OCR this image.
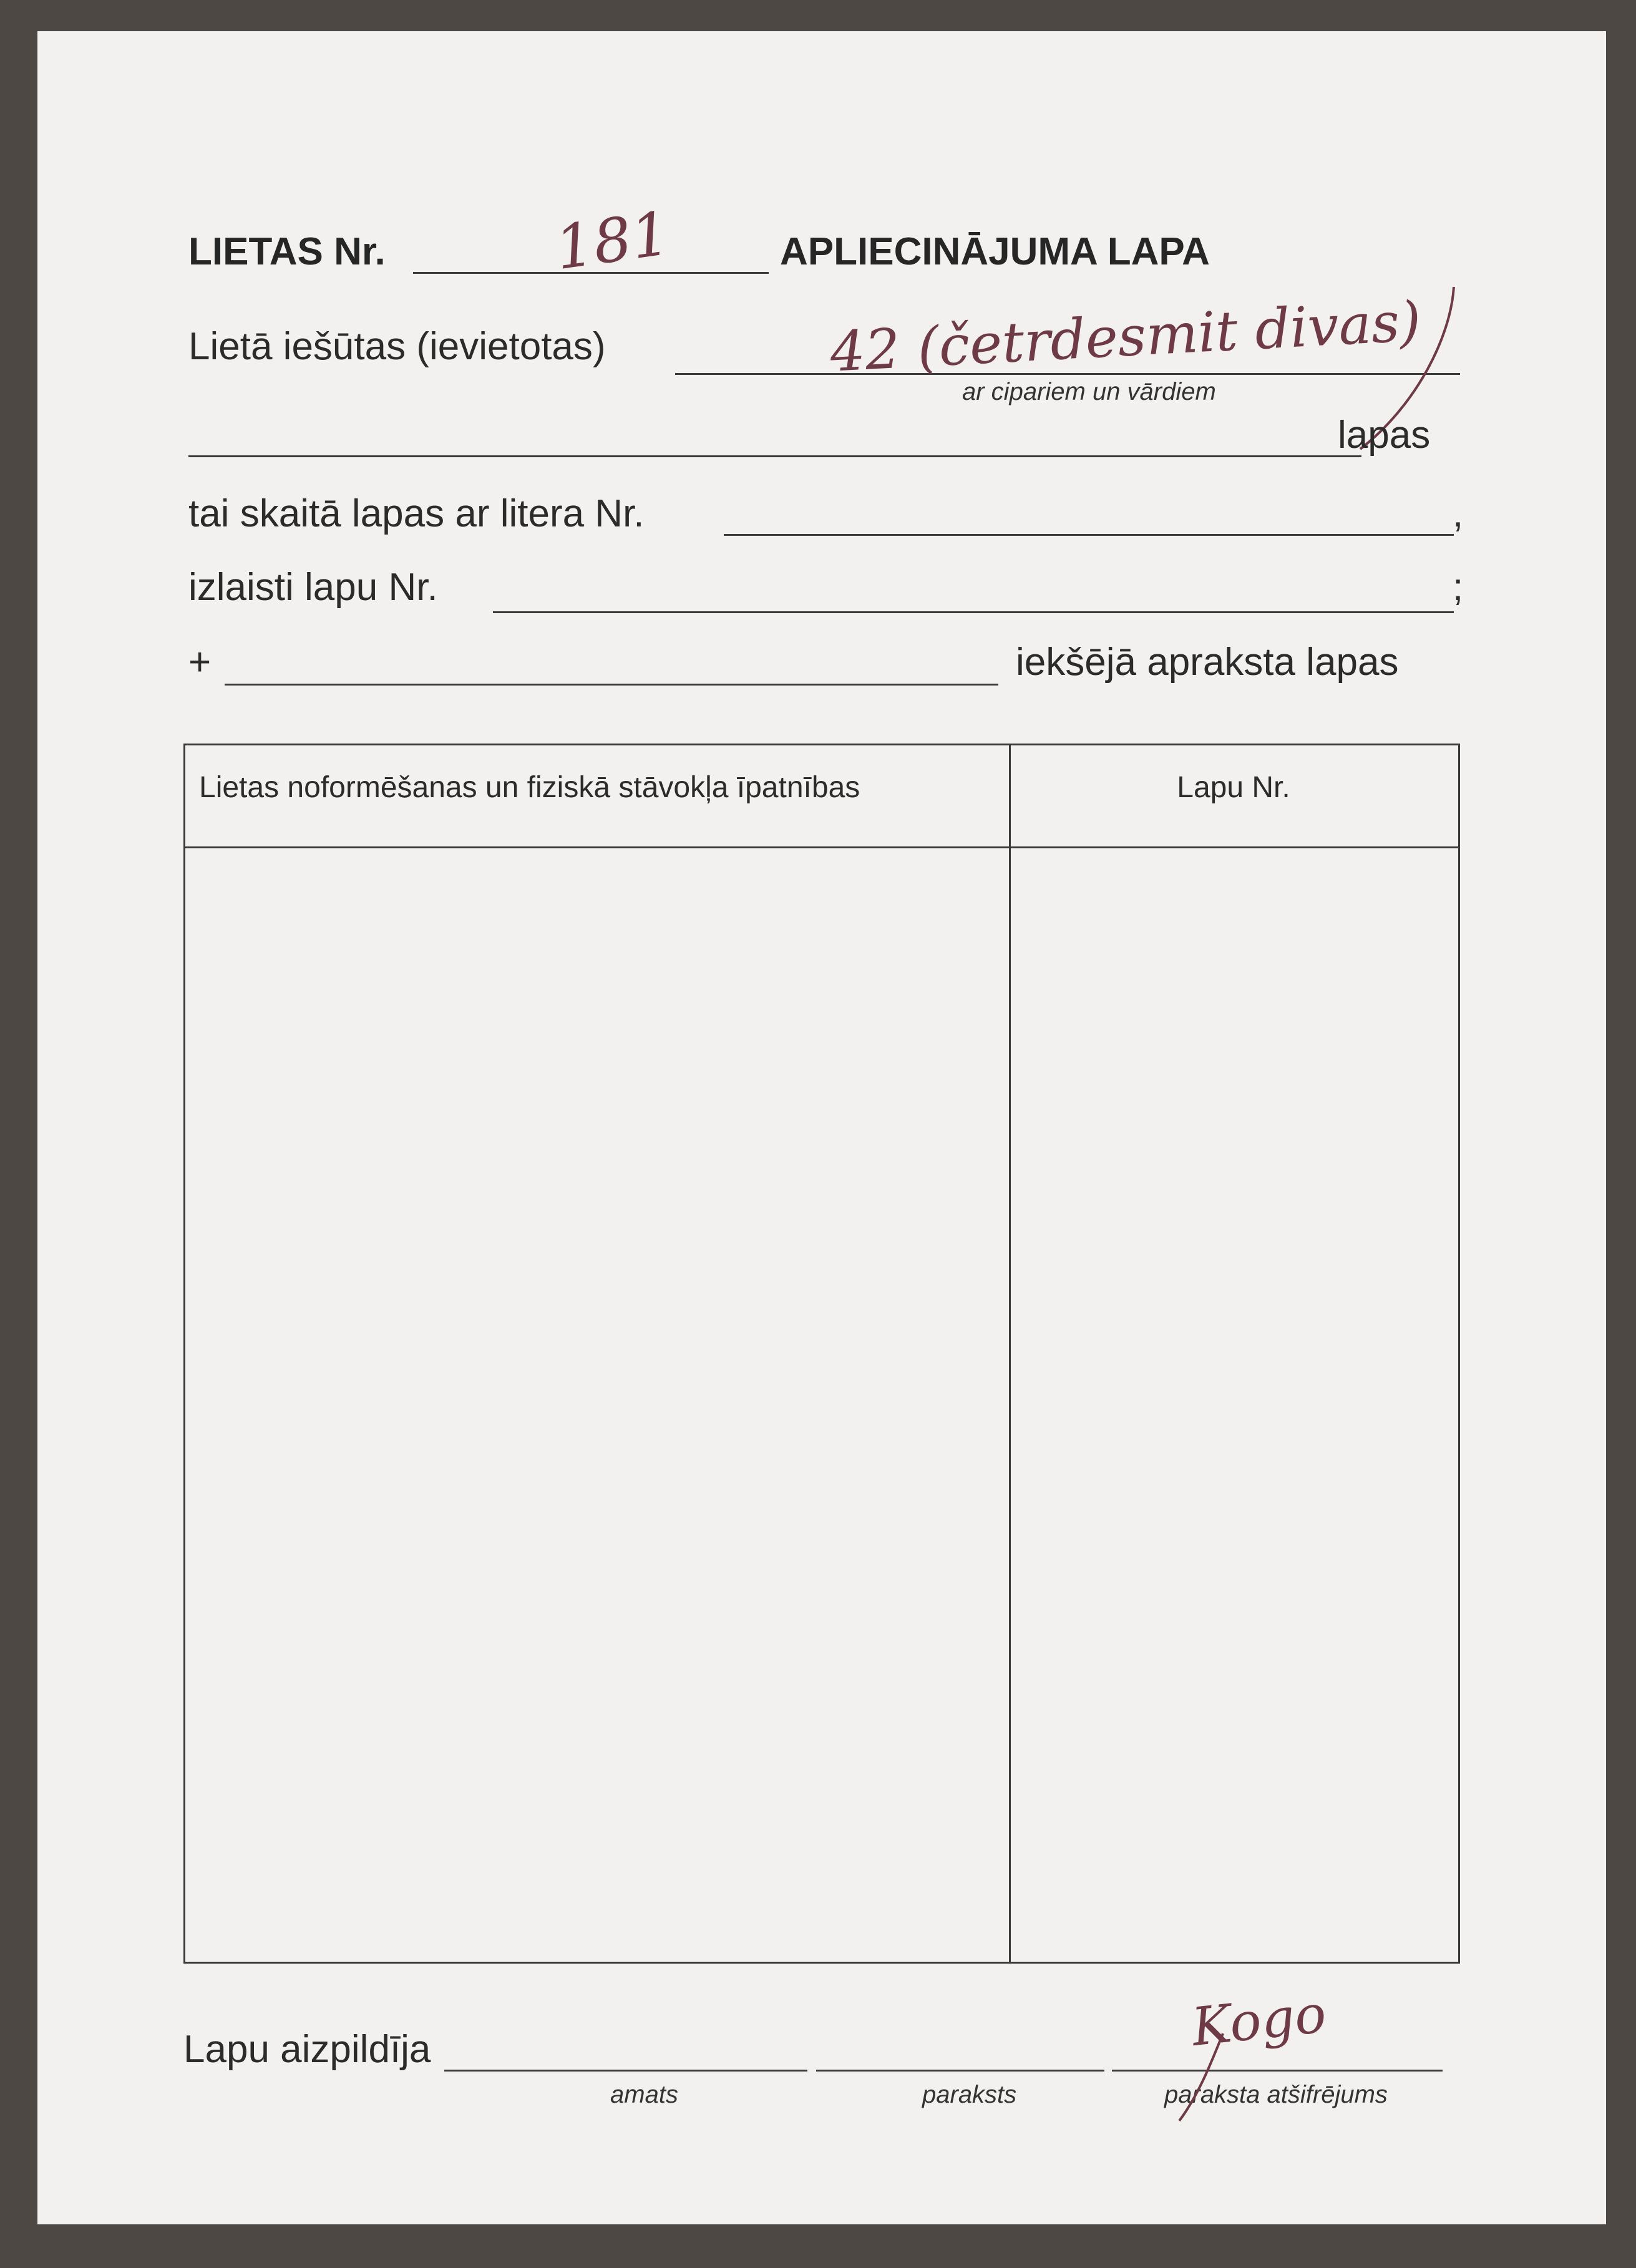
LIETAS Nr.	181	APLIECINĀJUMA LAPA
Lietā iešūtas (ievietotas)	42 (četrdesmit divas)
ar cipariem un vārdiem
lapas
tai skaitā lapas ar litera Nr.	,
izlaisti lapu Nr.	;
+	iekšējā apraksta lapas
Lietas noformēšanas un fiziskā stāvokļa īpatnības	Lapu Nr.
Lapu aizpildīja
amats	paraksts	paraksta atšifrējums
Kogo
